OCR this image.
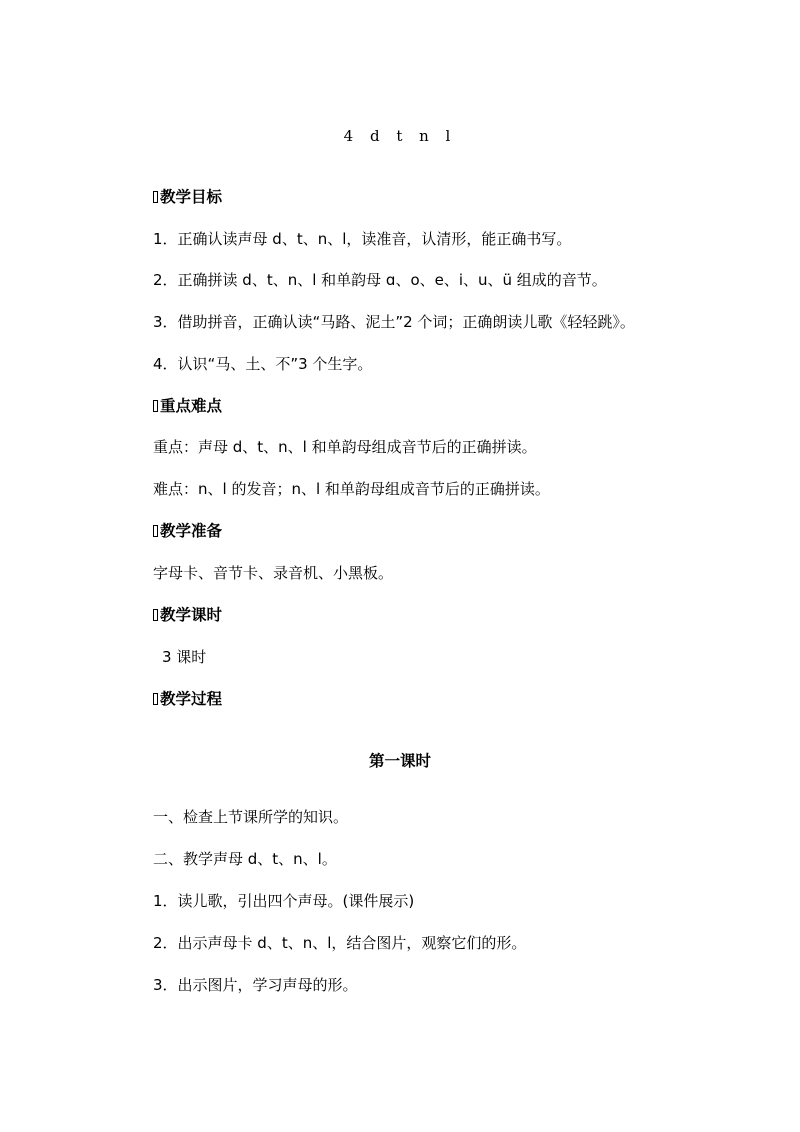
4 d t n l
教学目标
1．正确认读声母 d、t、n、l，读准音，认清形，能正确书写。
2．正确拼读 d、t、n、l 和单韵母 ɑ、o、e、i、u、ü 组成的音节。
3．借助拼音，正确认读“马路、泥土”2 个词；正确朗读儿歌《轻轻跳》。
4．认识“马、土、不”3 个生字。
重点难点
重点：声母 d、t、n、l 和单韵母组成音节后的正确拼读。
难点：n、l 的发音；n、l 和单韵母组成音节后的正确拼读。
教学准备
字母卡、音节卡、录音机、小黑板。
教学课时
3 课时
教学过程
第一课时
一、检查上节课所学的知识。
二、教学声母 d、t、n、l。
1．读儿歌，引出四个声母。(课件展示)
2．出示声母卡 d、t、n、l，结合图片，观察它们的形。
3．出示图片，学习声母的形。
